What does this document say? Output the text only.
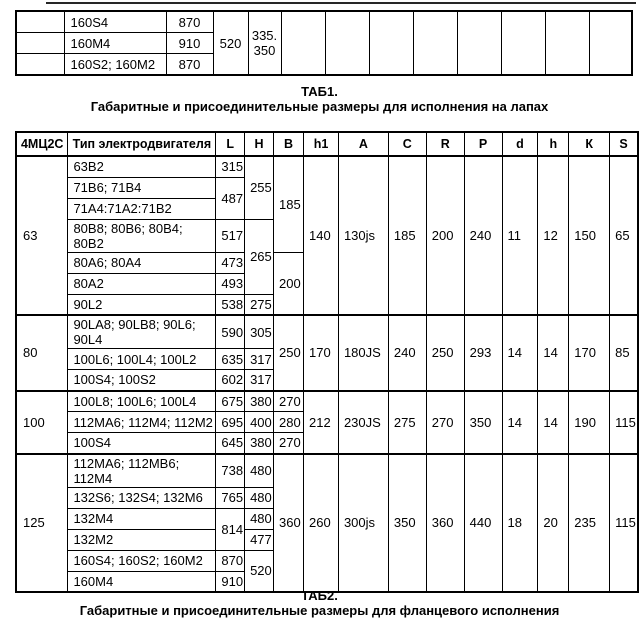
	160S4	870	520	335.
350								

	160M4	910										
	160S2; 160M2	870										
ТАБ1.
Габаритные и присоединительные размеры для исполнения на лапах
4МЦ2С	Тип электродвигателя	L	H	B	h1	A	C	R	P	d	h	К	S
63	63B2	315	255	185	140	130js	185	200	240	11	12	150	65
	71B6; 71B4	487											
	71A4:71A2:71B2												
	80B8; 80B6; 80B4; 80B2	517	265										
	80A6; 80A4	473		200									
	80A2	493											
	90L2	538	275										
80	90LA8; 90LB8; 90L6; 90L4	590	305	250	170	180JS	240	250	293	14	14	170	85
	100L6; 100L4; 100L2	635	317										
	100S4; 100S2	602	317										
100	100L8; 100L6; 100L4	675	380	270	212	230JS	275	270	350	14	14	190	115
	112MA6; 112M4; 112M2	695	400	280									
	100S4	645	380	270									
125	112MA6; 112MB6; 112M4	738	480	360	260	300js	350	360	440	18	20	235	115
	132S6; 132S4; 132M6	765	480										
	132M4	814	480										
	132M2		477										
	160S4; 160S2; 160M2	870	520										
	160M4	910											
ТАБ2.
Габаритные и присоединительные размеры для фланцевого исполнения
